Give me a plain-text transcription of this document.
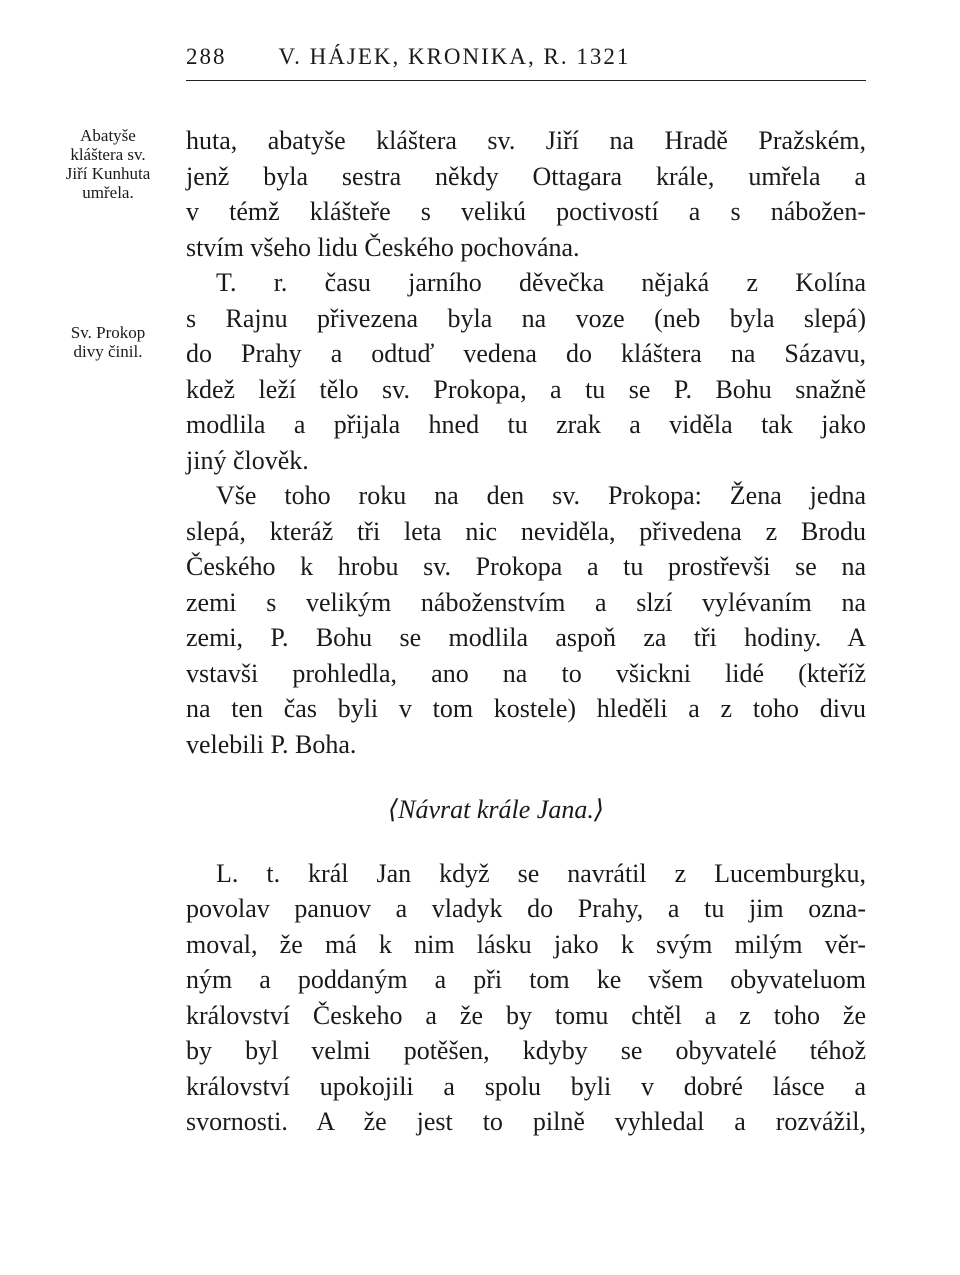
288 V. HÁJEK, KRONIKA, R. 1321
Abatyše
kláštera sv.
Jiří Kunhuta
umřela.
Sv. Prokop
divy činil.
huta, abatyše kláštera sv. Jiří na Hradě Pražském,
jenž byla sestra někdy Ottagara krále, umřela a
v témž klášteře s velikú poctivostí a s nábožen-
stvím všeho lidu Českého pochována.
T. r. času jarního děvečka nějaká z Kolína
s Rajnu přivezena byla na voze (neb byla slepá)
do Prahy a odtuď vedena do kláštera na Sázavu,
kdež leží tělo sv. Prokopa, a tu se P. Bohu snažně
modlila a přijala hned tu zrak a viděla tak jako
jiný člověk.
Vše toho roku na den sv. Prokopa: Žena jedna
slepá, kteráž tři leta nic neviděla, přivedena z Brodu
Českého k hrobu sv. Prokopa a tu prostřevši se na
zemi s velikým náboženstvím a slzí vylévaním na
zemi, P. Bohu se modlila aspoň za tři hodiny. A
vstavši prohledla, ano na to všickni lidé (kteříž
na ten čas byli v tom kostele) hleděli a z toho divu
velebili P. Boha.
⟨Návrat krále Jana.⟩
L. t. král Jan když se navrátil z Lucemburgku,
povolav panuov a vladyk do Prahy, a tu jim ozna-
moval, že má k nim lásku jako k svým milým věr-
ným a poddaným a při tom ke všem obyvateluom
království Českeho a že by tomu chtěl a z toho že
by byl velmi potěšen, kdyby se obyvatelé téhož
království upokojili a spolu byli v dobré lásce a
svornosti. A že jest to pilně vyhledal a rozvážil,
